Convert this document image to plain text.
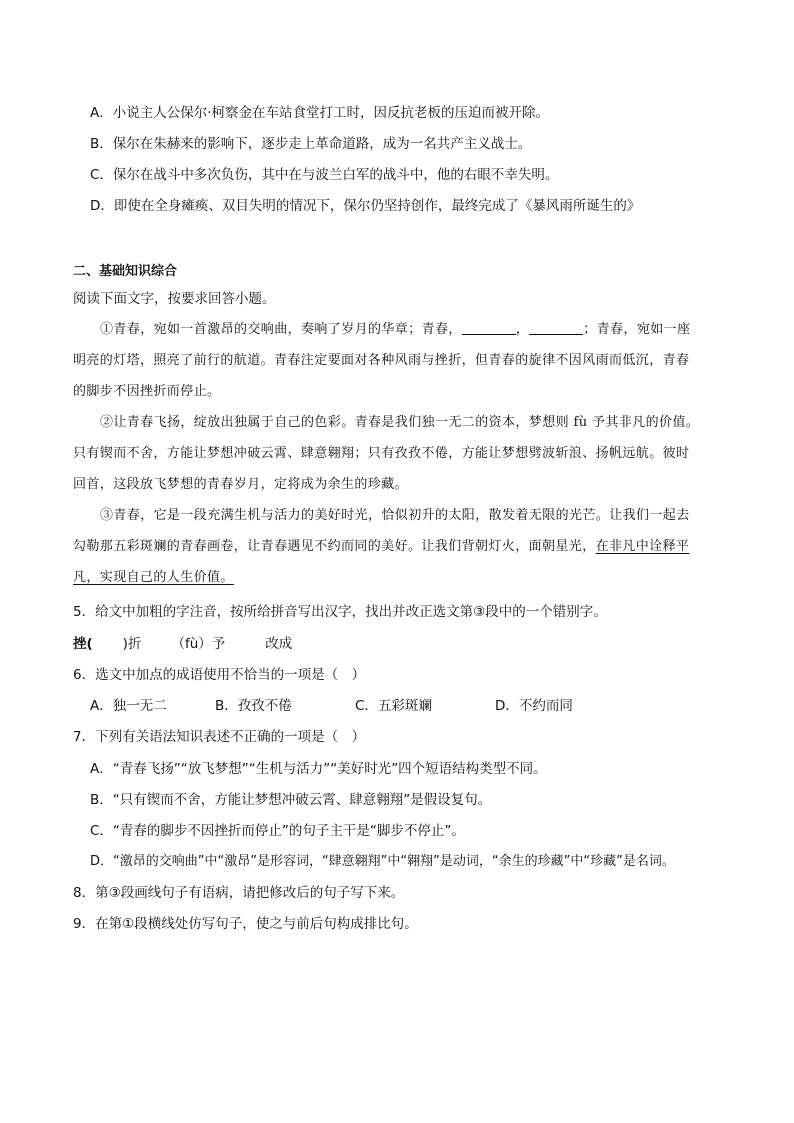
A．小说主人公保尔·柯察金在车站食堂打工时，因反抗老板的压迫而被开除。
B．保尔在朱赫来的影响下，逐步走上革命道路，成为一名共产主义战士。
C．保尔在战斗中多次负伤，其中在与波兰白军的战斗中，他的右眼不幸失明。
D．即使在全身瘫痪、双目失明的情况下，保尔仍坚持创作，最终完成了《暴风雨所诞生的》
二、基础知识综合
阅读下面文字，按要求回答小题。

①青春，宛如一首激昂的交响曲，奏响了岁月的华章；青春，	，	；青春，宛如一座

明亮的灯塔，照亮了前行的航道。青春注定要面对各种风雨与挫折，但青春的旋律不因风雨而低沉，青春

的脚步不因挫折而停止。

②让青春飞扬，绽放出独属于自己的色彩。青春是我们独一无二的资本，梦想则 fù 予其非凡的价值。

只有锲而不舍，方能让梦想冲破云霄、肆意翱翔；只有孜孜不倦，方能让梦想劈波斩浪、扬帆远航。彼时

回首，这段放飞梦想的青春岁月，定将成为余生的珍藏。

③青春，它是一段充满生机与活力的美好时光，恰似初升的太阳，散发着无限的光芒。让我们一起去

勾勒那五彩斑斓的青春画卷，让青春遇见不约而同的美好。让我们背朝灯火，面朝星光，在非凡中诠释平

凡，实现自己的人生价值。

5．给文中加粗的字注音，按所给拼音写出汉字，找出并改正选文第③段中的一个错别字。
挫( )折 （fù）予	改成
6．选文中加点的成语使用不恰当的一项是（　）
A．独一无二	B．孜孜不倦	C．五彩斑斓	D．不约而同
7．下列有关语法知识表述不正确的一项是（　）
A．“青春飞扬”“放飞梦想”“生机与活力”“美好时光”四个短语结构类型不同。
B．“只有锲而不舍，方能让梦想冲破云霄、肆意翱翔”是假设复句。
C．“青春的脚步不因挫折而停止”的句子主干是“脚步不停止”。
D．“激昂的交响曲”中“激昂”是形容词，“肆意翱翔”中“翱翔”是动词，“余生的珍藏”中“珍藏”是名词。
8．第③段画线句子有语病，请把修改后的句子写下来。
9．在第①段横线处仿写句子，使之与前后句构成排比句。
